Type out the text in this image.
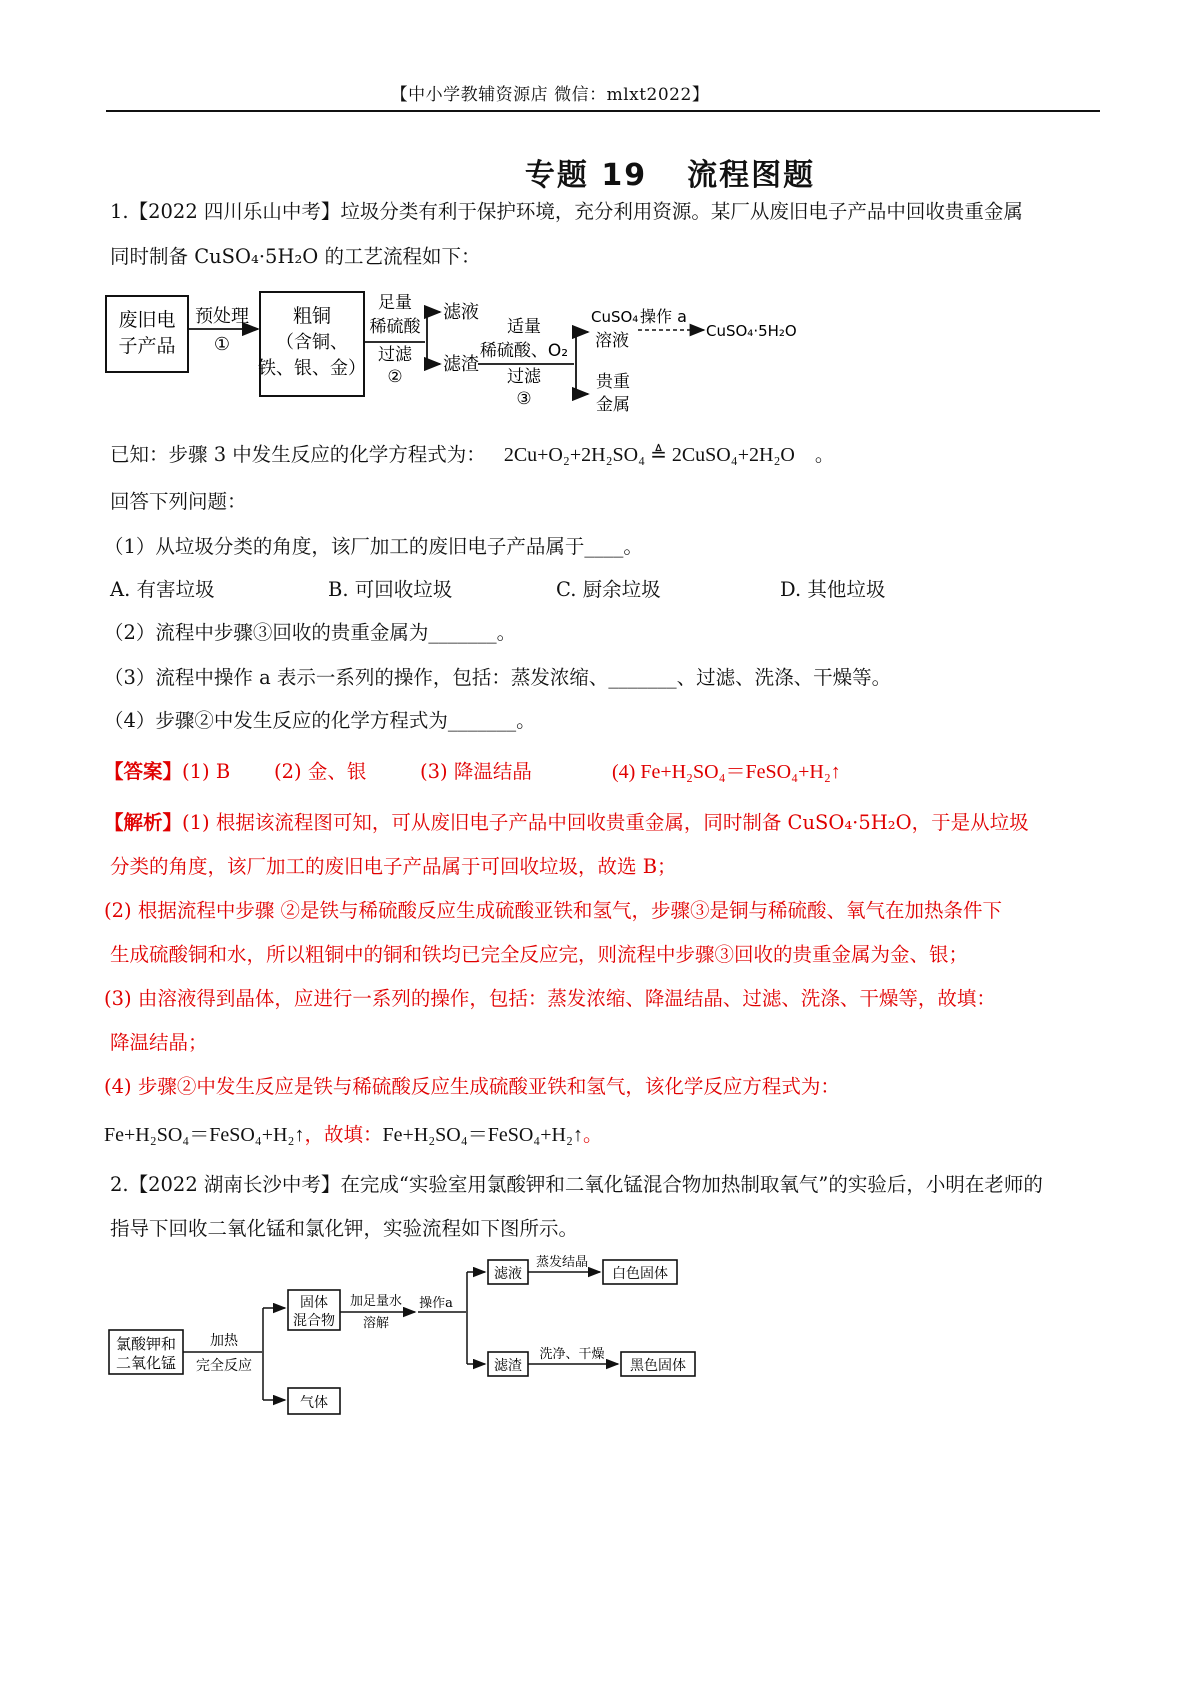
【中小学教辅资源店 微信：mlxt2022】
专题 19 流程图题
1.【2022 四川乐山中考】垃圾分类有利于保护环境，充分利用资源。某厂从废旧电子产品中回收贵重金属
同时制备 CuSO₄·5H₂O 的工艺流程如下：
废旧电
子产品
预处理
①
粗铜
（含铜、
铁、银、金）
足量
稀硫酸
过滤
②
滤液
滤渣
适量
稀硫酸、O₂
过滤
③
CuSO₄
溶液
贵重
金属
操作 a
CuSO₄·5H₂O
已知：步骤 3 中发生反应的化学方程式为： 2Cu+O₂+2H₂SO₄ ≜ 2CuSO₄+2H₂O 。
回答下列问题：
（1）从垃圾分类的角度，该厂加工的废旧电子产品属于____。
A. 有害垃圾	B. 可回收垃圾	C. 厨余垃圾	D. 其他垃圾
（2）流程中步骤③回收的贵重金属为_______。
（3）流程中操作 a 表示一系列的操作，包括：蒸发浓缩、_______、过滤、洗涤、干燥等。
（4）步骤②中发生反应的化学方程式为_______。
【答案】(1) B (2) 金、银	(3) 降温结晶	(4) Fe+H₂SO₄＝FeSO₄+H₂↑
【解析】(1) 根据该流程图可知，可从废旧电子产品中回收贵重金属，同时制备 CuSO₄·5H₂O，于是从垃圾
分类的角度，该厂加工的废旧电子产品属于可回收垃圾，故选 B；
(2) 根据流程中步骤 ②是铁与稀硫酸反应生成硫酸亚铁和氢气，步骤③是铜与稀硫酸、氧气在加热条件下
生成硫酸铜和水，所以粗铜中的铜和铁均已完全反应完，则流程中步骤③回收的贵重金属为金、银；
(3) 由溶液得到晶体，应进行一系列的操作，包括：蒸发浓缩、降温结晶、过滤、洗涤、干燥等，故填：
降温结晶；
(4) 步骤②中发生反应是铁与稀硫酸反应生成硫酸亚铁和氢气，该化学反应方程式为：
Fe+H₂SO₄＝FeSO₄+H₂↑，故填：Fe+H₂SO₄＝FeSO₄+H₂↑。
2.【2022 湖南长沙中考】在完成“实验室用氯酸钾和二氧化锰混合物加热制取氧气”的实验后，小明在老师的
指导下回收二氧化锰和氯化钾，实验流程如下图所示。
氯酸钾和
二氧化锰
加热
完全反应
固体
混合物
气体
加足量水
溶解
操作a
滤液
滤渣
蒸发结晶
洗净、干燥
白色固体
黑色固体
